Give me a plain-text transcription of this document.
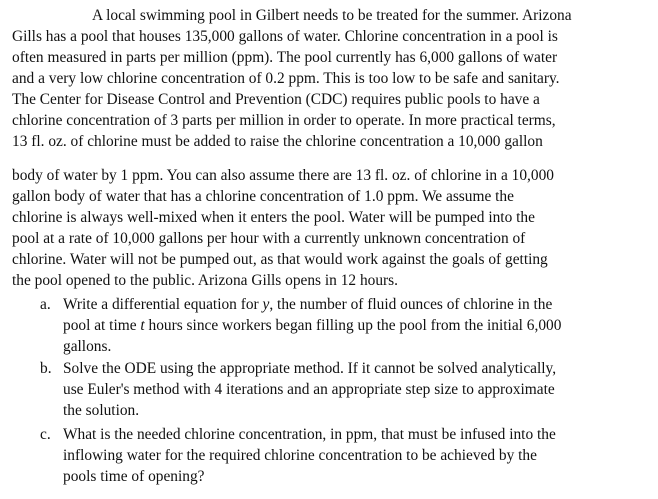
A local swimming pool in Gilbert needs to be treated for the summer. Arizona
Gills has a pool that houses 135,000 gallons of water. Chlorine concentration in a pool is
often measured in parts per million (ppm). The pool currently has 6,000 gallons of water
and a very low chlorine concentration of 0.2 ppm. This is too low to be safe and sanitary.
The Center for Disease Control and Prevention (CDC) requires public pools to have a
chlorine concentration of 3 parts per million in order to operate. In more practical terms,
13 fl. oz. of chlorine must be added to raise the chlorine concentration a 10,000 gallon
body of water by 1 ppm. You can also assume there are 13 fl. oz. of chlorine in a 10,000
gallon body of water that has a chlorine concentration of 1.0 ppm. We assume the
chlorine is always well-mixed when it enters the pool. Water will be pumped into the
pool at a rate of 10,000 gallons per hour with a currently unknown concentration of
chlorine. Water will not be pumped out, as that would work against the goals of getting
the pool opened to the public. Arizona Gills opens in 12 hours.
a. Write a differential equation for y, the number of fluid ounces of chlorine in the
pool at time t hours since workers began filling up the pool from the initial 6,000
gallons.
b. Solve the ODE using the appropriate method. If it cannot be solved analytically,
use Euler's method with 4 iterations and an appropriate step size to approximate
the solution.
c. What is the needed chlorine concentration, in ppm, that must be infused into the
inflowing water for the required chlorine concentration to be achieved by the
pools time of opening?
